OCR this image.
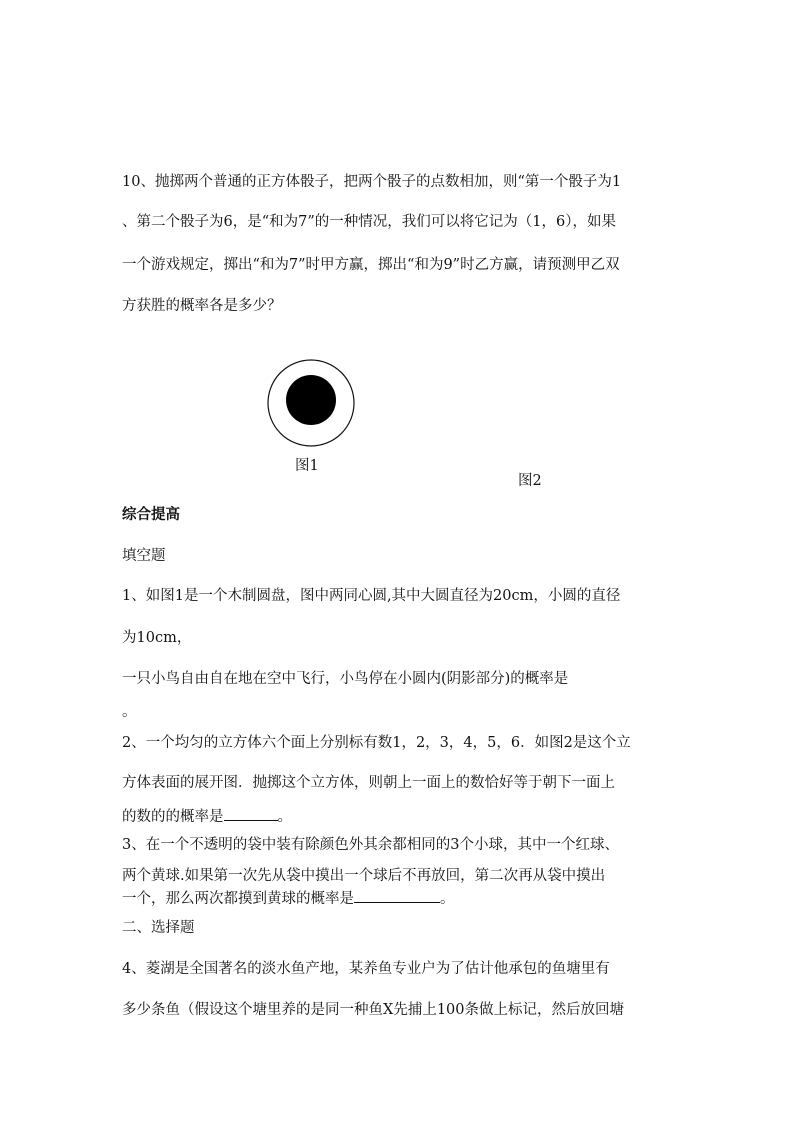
10、抛掷两个普通的正方体骰子，把两个骰子的点数相加，则“第一个骰子为1
、第二个骰子为6，是“和为7”的一种情况，我们可以将它记为（1，6），如果
一个游戏规定，掷出“和为7”时甲方赢，掷出“和为9”时乙方赢，请预测甲乙双
方获胜的概率各是多少？
图1
图2
综合提高
填空题
1、如图1是一个木制圆盘，图中两同心圆,其中大圆直径为20cm，小圆的直径
为10cm，
一只小鸟自由自在地在空中飞行，小鸟停在小圆内(阴影部分)的概率是
。
2、一个均匀的立方体六个面上分别标有数1，2，3，4，5，6．如图2是这个立
方体表面的展开图．抛掷这个立方体，则朝上一面上的数恰好等于朝下一面上
的数的的概率是	。
3、在一个不透明的袋中装有除颜色外其余都相同的3个小球，其中一个红球、
两个黄球.如果第一次先从袋中摸出一个球后不再放回，第二次再从袋中摸出
一个，那么两次都摸到黄球的概率是	。
二、选择题
4、菱湖是全国著名的淡水鱼产地，某养鱼专业户为了估计他承包的鱼塘里有
多少条鱼（假设这个塘里养的是同一种鱼X先捕上100条做上标记，然后放回塘
